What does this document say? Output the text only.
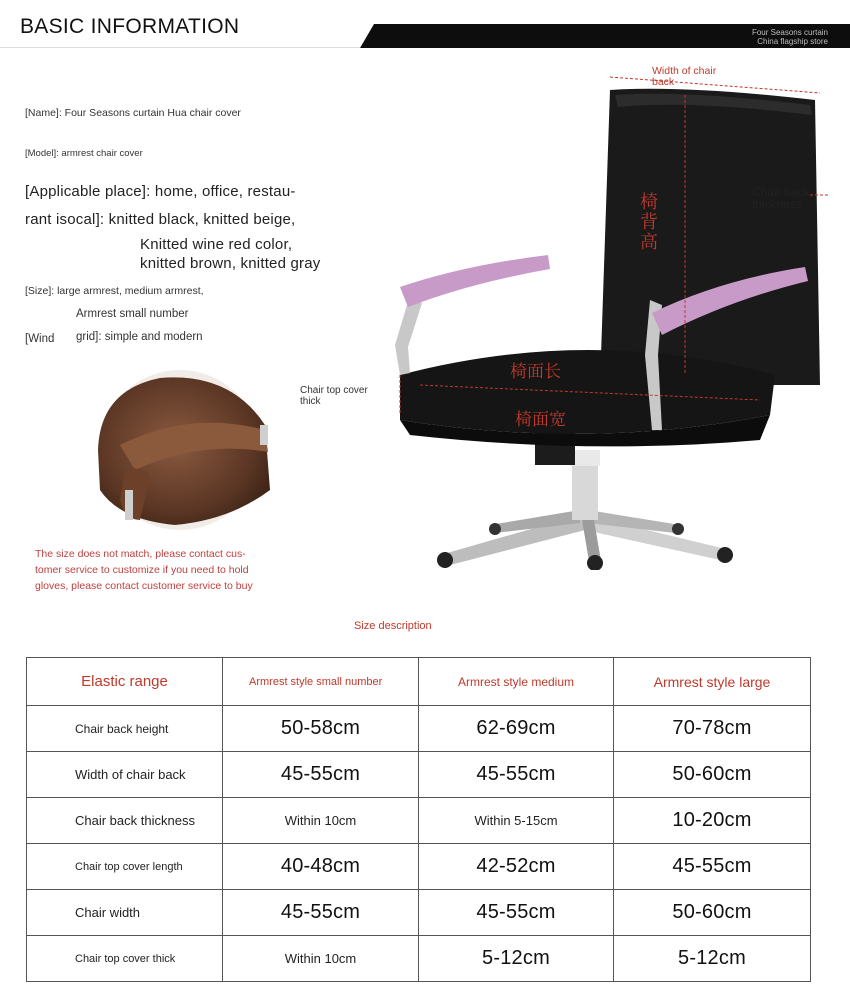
BASIC INFORMATION	Four Seasons curtain
China flagship store
[Name]: Four Seasons curtain Hua chair cover
[Model]: armrest chair cover
[Applicable place]: home, office, restau-
rant isocal]: knitted black, knitted beige,
Knitted wine red color,
knitted brown, knitted gray
[Size]: large armrest, medium armrest,
Armrest small number
[Wind grid]: simple and modern
椅背高
椅面长
椅面宽
Width of chair back
Chair back thickness
Chair top cover thick
The size does not match, please contact cus-
tomer service to customize if you need to hold
gloves, please contact customer service to buy
Size description
Elastic range	Armrest style small number	Armrest style medium	Armrest style large
Chair back height	50-58cm	62-69cm	70-78cm
Width of chair back	45-55cm	45-55cm	50-60cm
Chair back thickness	Within 10cm	Within 5-15cm	10-20cm
Chair top cover length	40-48cm	42-52cm	45-55cm
Chair width	45-55cm	45-55cm	50-60cm
Chair top cover thick	Within 10cm	5-12cm	5-12cm
